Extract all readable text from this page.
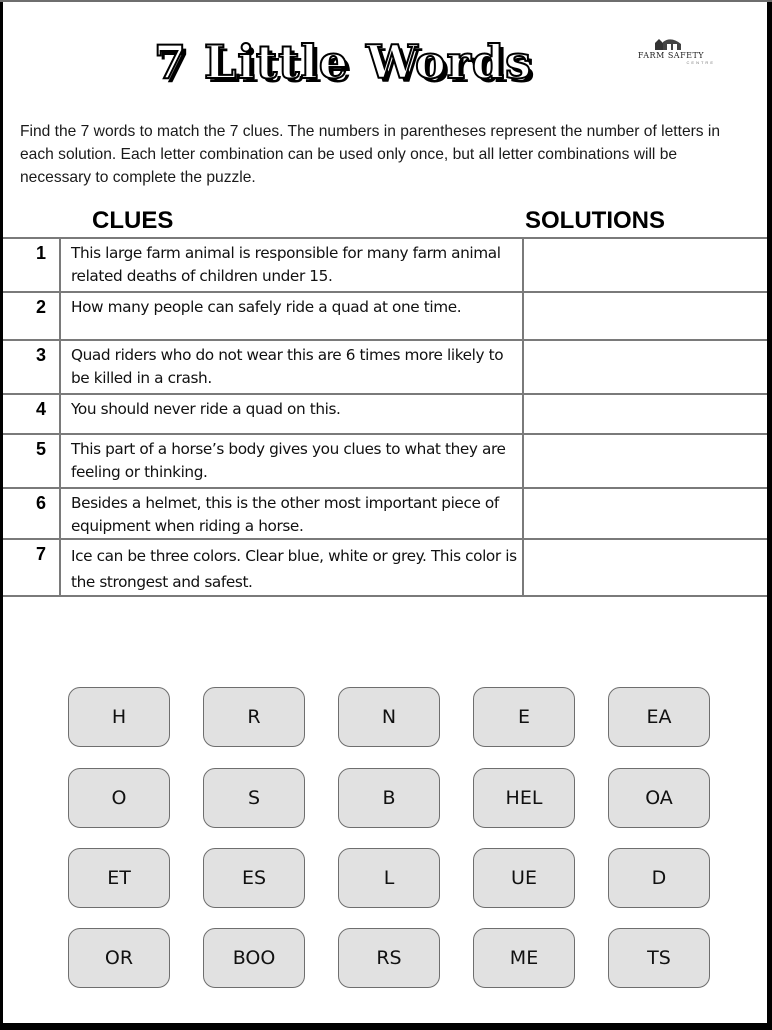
7 Little Words	FARM SAFETY
CENTRE
Find the 7 words to match the 7 clues. The numbers in parentheses represent the number of letters in each solution. Each letter combination can be used only once, but all letter combinations will be necessary to complete the puzzle.
CLUES	SOLUTIONS
1	This large farm animal is responsible for many farm animal related deaths of children under 15.	
2	How many people can safely ride a quad at one time.	
3	Quad riders who do not wear this are 6 times more likely to be killed in a crash.	
4	You should never ride a quad on this.	
5	This part of a horse’s body gives you clues to what they are feeling or thinking.	
6	Besides a helmet, this is the other most important piece of equipment when riding a horse.	
7	Ice can be three colors. Clear blue, white or grey. This color is the strongest and safest.	
H	R	N	E	EA
O	S	B	HEL	OA
ET	ES	L	UE	D
OR	BOO	RS	ME	TS
